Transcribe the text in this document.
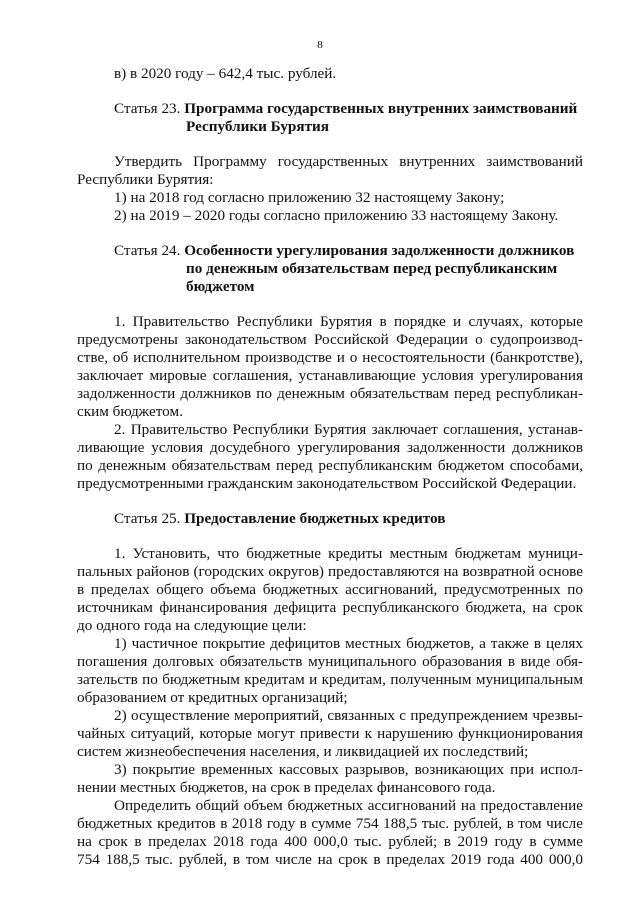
8
в) в 2020 году – 642,4 тыс. рублей.
Статья 23. Программа государственных внутренних заимствований
Республики Бурятия
Утвердить Программу государственных внутренних заимствований
Республики Бурятия:
1) на 2018 год согласно приложению 32 настоящему Закону;
2) на 2019 – 2020 годы согласно приложению 33 настоящему Закону.
Статья 24. Особенности урегулирования задолженности должников
по денежным обязательствам перед республиканским
бюджетом
1. Правительство Республики Бурятия в порядке и случаях, которые
предусмотрены законодательством Российской Федерации о судопроизвод-
стве, об исполнительном производстве и о несостоятельности (банкротстве),
заключает мировые соглашения, устанавливающие условия урегулирования
задолженности должников по денежным обязательствам перед республикан-
ским бюджетом.
2. Правительство Республики Бурятия заключает соглашения, устанав-
ливающие условия досудебного урегулирования задолженности должников
по денежным обязательствам перед республиканским бюджетом способами,
предусмотренными гражданским законодательством Российской Федерации.
Статья 25. Предоставление бюджетных кредитов
1. Установить, что бюджетные кредиты местным бюджетам муници-
пальных районов (городских округов) предоставляются на возвратной основе
в пределах общего объема бюджетных ассигнований, предусмотренных по
источникам финансирования дефицита республиканского бюджета, на срок
до одного года на следующие цели:
1) частичное покрытие дефицитов местных бюджетов, а также в целях
погашения долговых обязательств муниципального образования в виде обя-
зательств по бюджетным кредитам и кредитам, полученным муниципальным
образованием от кредитных организаций;
2) осуществление мероприятий, связанных с предупреждением чрезвы-
чайных ситуаций, которые могут привести к нарушению функционирования
систем жизнеобеспечения населения, и ликвидацией их последствий;
3) покрытие временных кассовых разрывов, возникающих при испол-
нении местных бюджетов, на срок в пределах финансового года.
Определить общий объем бюджетных ассигнований на предоставление
бюджетных кредитов в 2018 году в сумме 754 188,5 тыс. рублей, в том числе
на срок в пределах 2018 года 400 000,0 тыс. рублей; в 2019 году в сумме
754 188,5 тыс. рублей, в том числе на срок в пределах 2019 года 400 000,0
